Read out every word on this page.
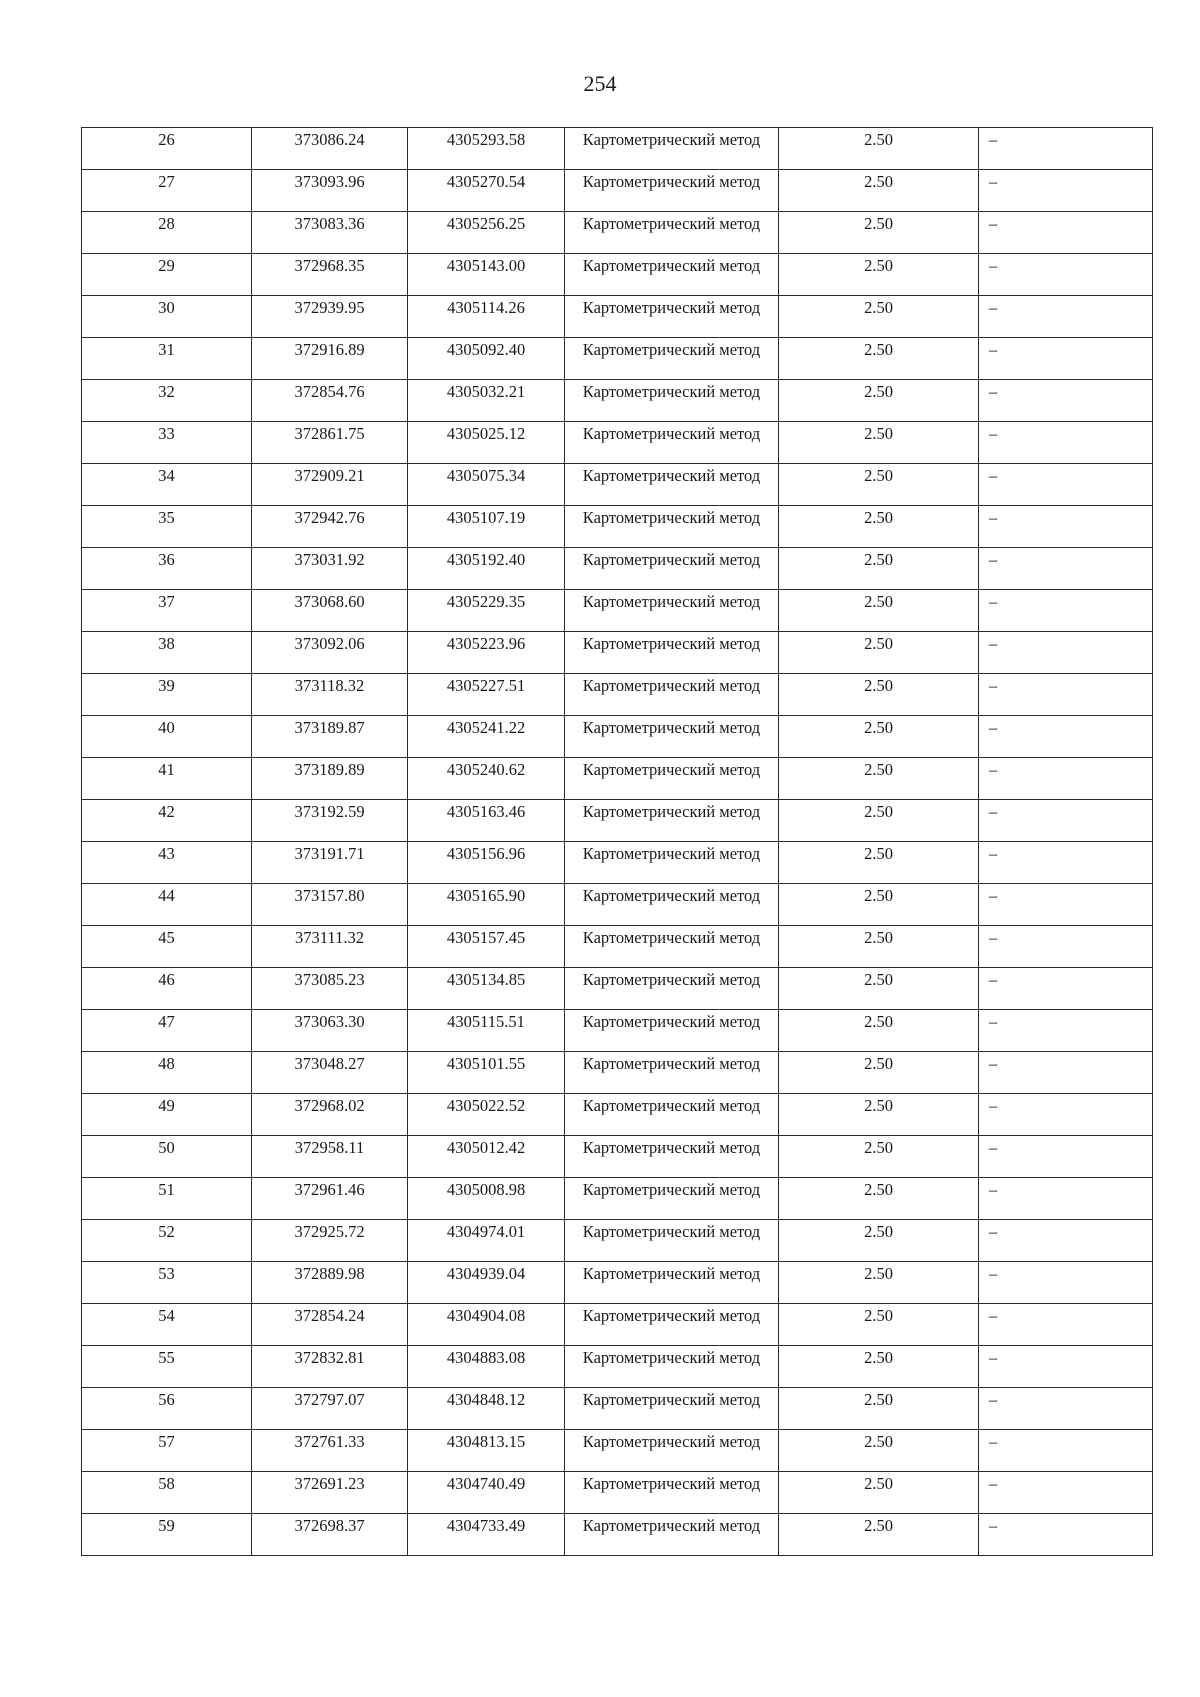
254
26	373086.24	4305293.58	Картометрический метод	2.50	–
27	373093.96	4305270.54	Картометрический метод	2.50	–
28	373083.36	4305256.25	Картометрический метод	2.50	–
29	372968.35	4305143.00	Картометрический метод	2.50	–
30	372939.95	4305114.26	Картометрический метод	2.50	–
31	372916.89	4305092.40	Картометрический метод	2.50	–
32	372854.76	4305032.21	Картометрический метод	2.50	–
33	372861.75	4305025.12	Картометрический метод	2.50	–
34	372909.21	4305075.34	Картометрический метод	2.50	–
35	372942.76	4305107.19	Картометрический метод	2.50	–
36	373031.92	4305192.40	Картометрический метод	2.50	–
37	373068.60	4305229.35	Картометрический метод	2.50	–
38	373092.06	4305223.96	Картометрический метод	2.50	–
39	373118.32	4305227.51	Картометрический метод	2.50	–
40	373189.87	4305241.22	Картометрический метод	2.50	–
41	373189.89	4305240.62	Картометрический метод	2.50	–
42	373192.59	4305163.46	Картометрический метод	2.50	–
43	373191.71	4305156.96	Картометрический метод	2.50	–
44	373157.80	4305165.90	Картометрический метод	2.50	–
45	373111.32	4305157.45	Картометрический метод	2.50	–
46	373085.23	4305134.85	Картометрический метод	2.50	–
47	373063.30	4305115.51	Картометрический метод	2.50	–
48	373048.27	4305101.55	Картометрический метод	2.50	–
49	372968.02	4305022.52	Картометрический метод	2.50	–
50	372958.11	4305012.42	Картометрический метод	2.50	–
51	372961.46	4305008.98	Картометрический метод	2.50	–
52	372925.72	4304974.01	Картометрический метод	2.50	–
53	372889.98	4304939.04	Картометрический метод	2.50	–
54	372854.24	4304904.08	Картометрический метод	2.50	–
55	372832.81	4304883.08	Картометрический метод	2.50	–
56	372797.07	4304848.12	Картометрический метод	2.50	–
57	372761.33	4304813.15	Картометрический метод	2.50	–
58	372691.23	4304740.49	Картометрический метод	2.50	–
59	372698.37	4304733.49	Картометрический метод	2.50	–
